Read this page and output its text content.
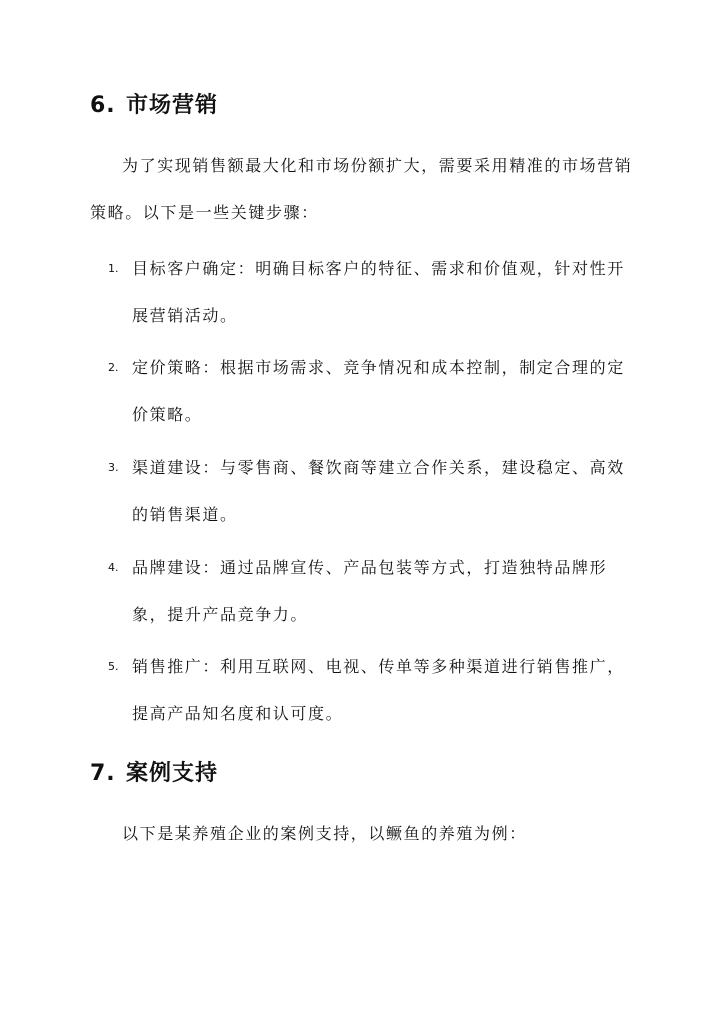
6. 市场营销

为了实现销售额最大化和市场份额扩大，需要采用精准的市场营销策略。以下是一些关键步骤：

1. 目标客户确定：明确目标客户的特征、需求和价值观，针对性开展营销活动。
2. 定价策略：根据市场需求、竞争情况和成本控制，制定合理的定价策略。
3. 渠道建设：与零售商、餐饮商等建立合作关系，建设稳定、高效的销售渠道。
4. 品牌建设：通过品牌宣传、产品包装等方式，打造独特品牌形象，提升产品竞争力。
5. 销售推广：利用互联网、电视、传单等多种渠道进行销售推广，提高产品知名度和认可度。
7. 案例支持

以下是某养殖企业的案例支持，以鳜鱼的养殖为例：
